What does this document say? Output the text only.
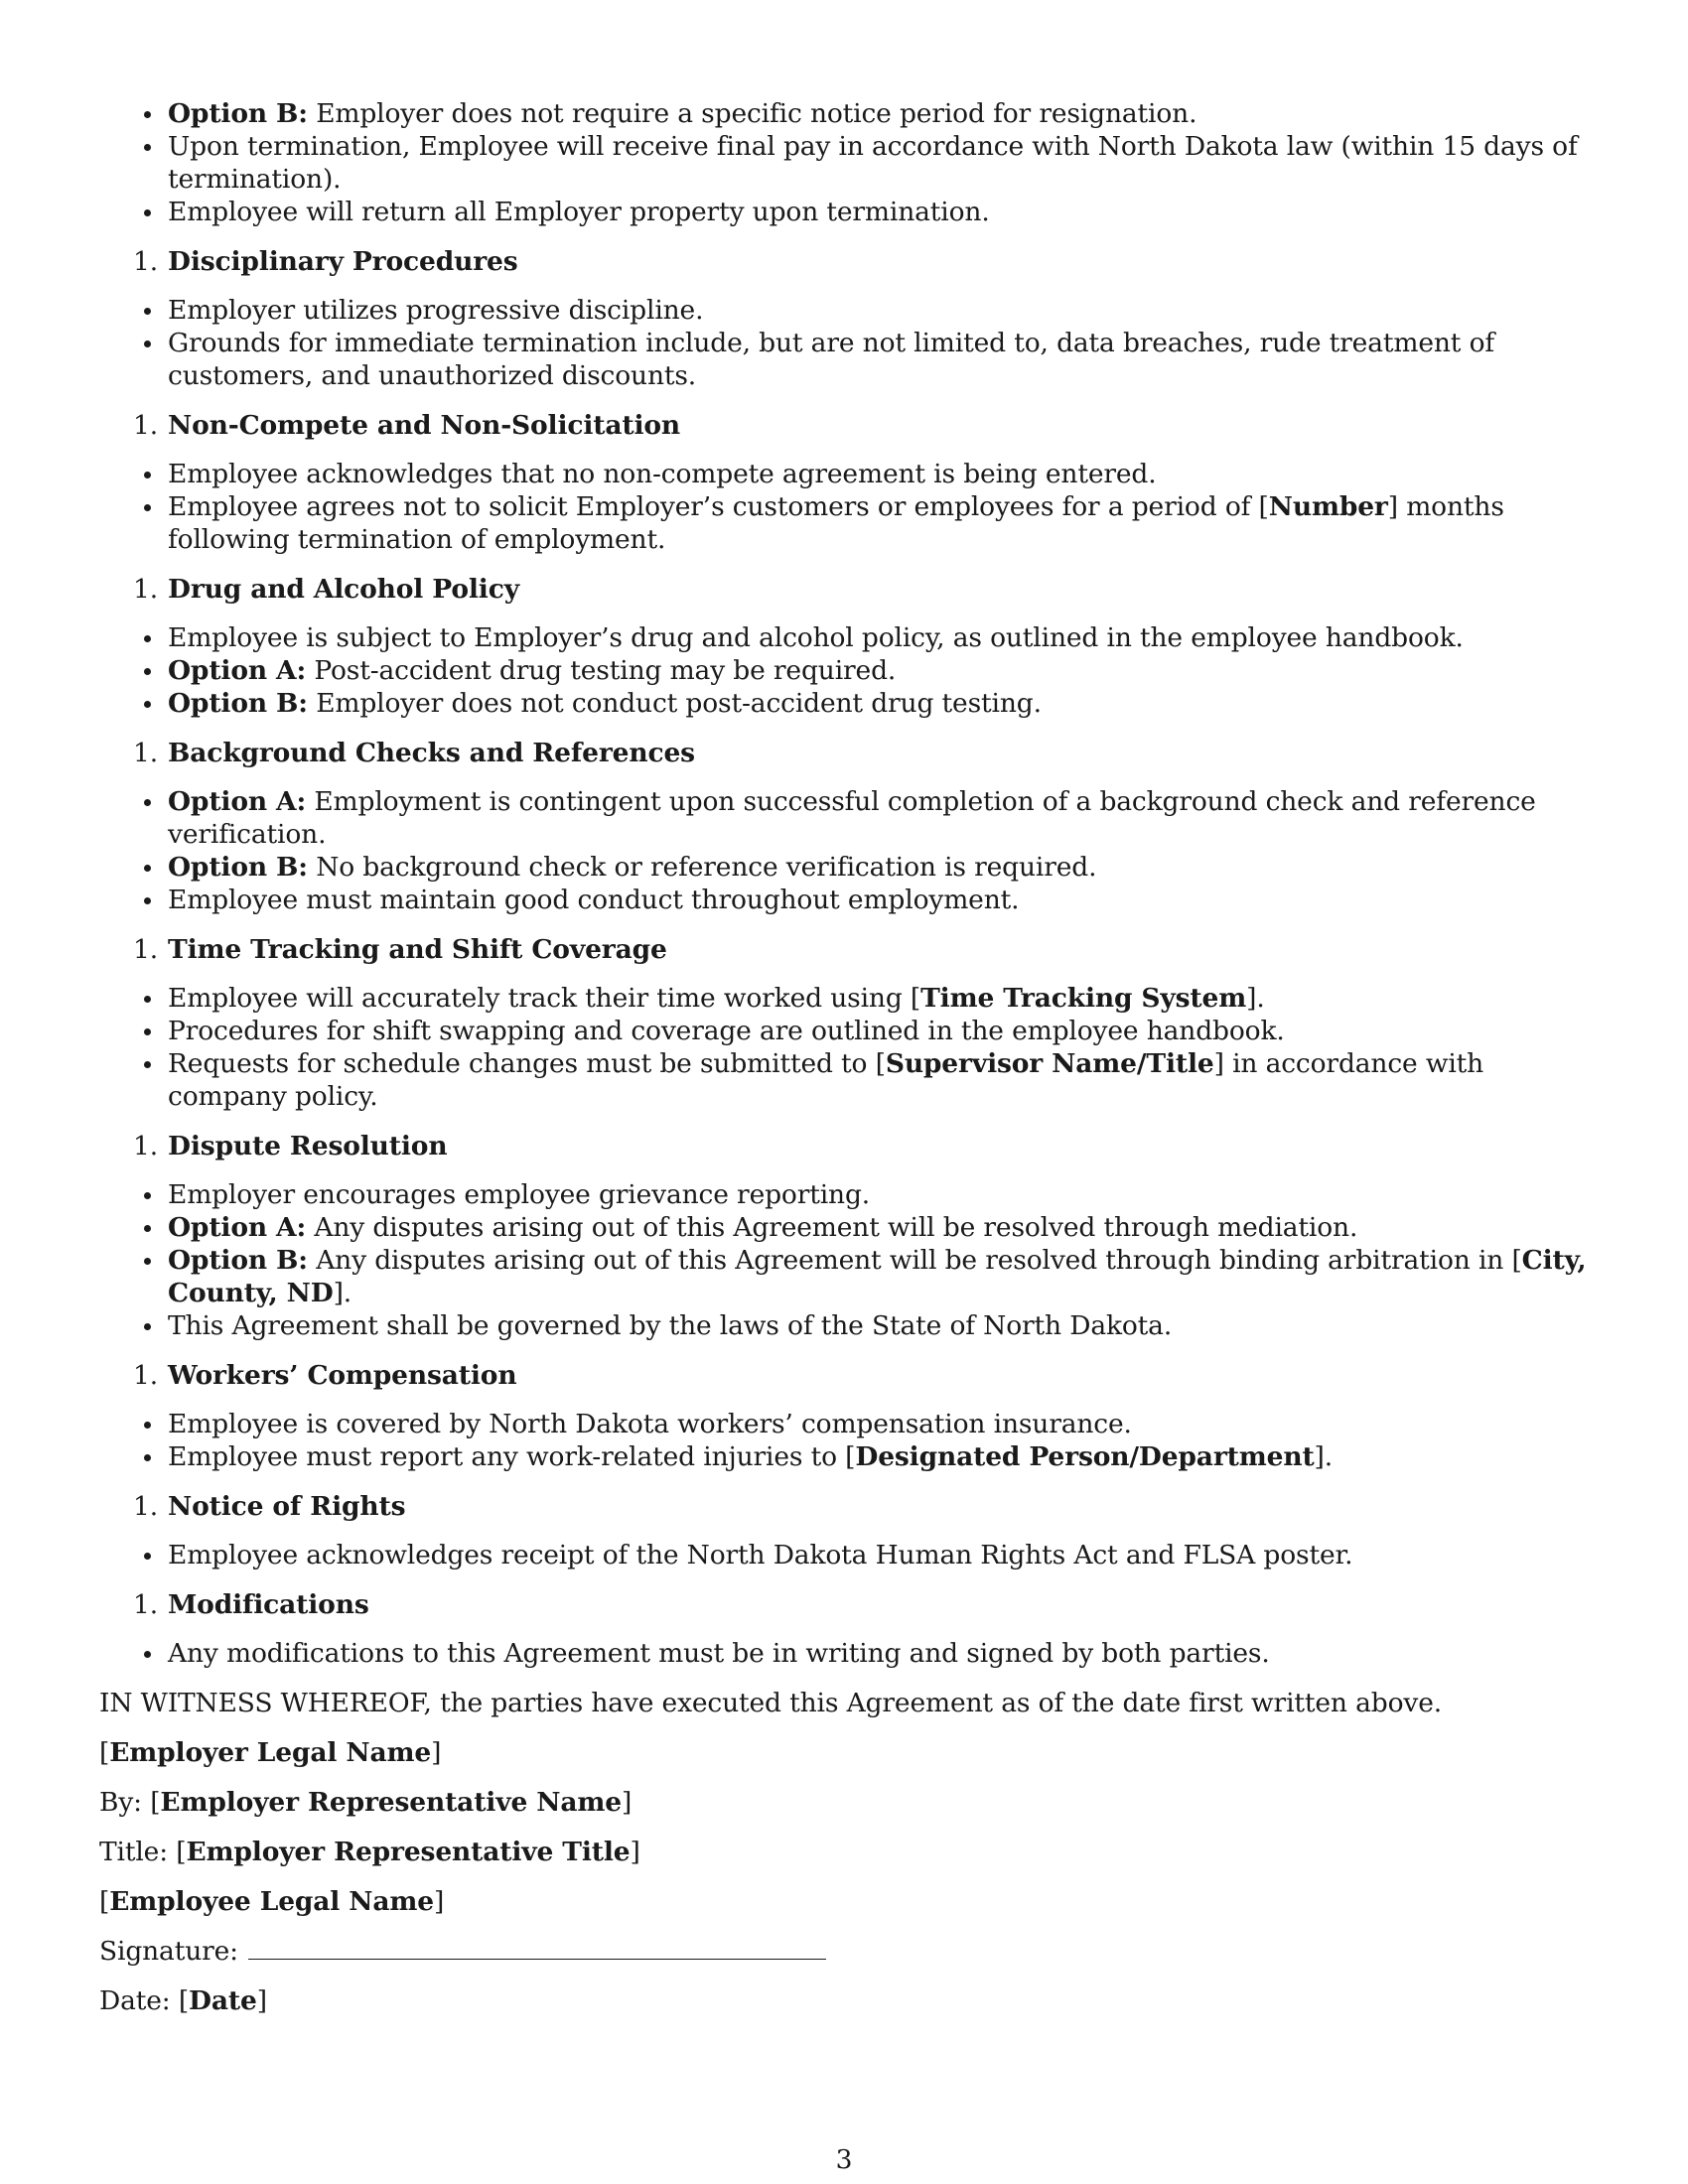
Option B: Employer does not require a specific notice period for resignation.
Upon termination, Employee will receive final pay in accordance with North Dakota law (within 15 days of termination).
Employee will return all Employer property upon termination.
1. Disciplinary Procedures
Employer utilizes progressive discipline.
Grounds for immediate termination include, but are not limited to, data breaches, rude treatment of customers, and unauthorized discounts.
1. Non-Compete and Non-Solicitation
Employee acknowledges that no non-compete agreement is being entered.
Employee agrees not to solicit Employer’s customers or employees for a period of [Number] months following termination of employment.
1. Drug and Alcohol Policy
Employee is subject to Employer’s drug and alcohol policy, as outlined in the employee handbook.
Option A: Post-accident drug testing may be required.
Option B: Employer does not conduct post-accident drug testing.
1. Background Checks and References
Option A: Employment is contingent upon successful completion of a background check and reference verification.
Option B: No background check or reference verification is required.
Employee must maintain good conduct throughout employment.
1. Time Tracking and Shift Coverage
Employee will accurately track their time worked using [Time Tracking System].
Procedures for shift swapping and coverage are outlined in the employee handbook.
Requests for schedule changes must be submitted to [Supervisor Name/Title] in accordance with company policy.
1. Dispute Resolution
Employer encourages employee grievance reporting.
Option A: Any disputes arising out of this Agreement will be resolved through mediation.
Option B: Any disputes arising out of this Agreement will be resolved through binding arbitration in [City, County, ND].
This Agreement shall be governed by the laws of the State of North Dakota.
1. Workers’ Compensation
Employee is covered by North Dakota workers’ compensation insurance.
Employee must report any work-related injuries to [Designated Person/Department].
1. Notice of Rights
Employee acknowledges receipt of the North Dakota Human Rights Act and FLSA poster.
1. Modifications
Any modifications to this Agreement must be in writing and signed by both parties.
IN WITNESS WHEREOF, the parties have executed this Agreement as of the date first written above.
[Employer Legal Name]
By: [Employer Representative Name]
Title: [Employer Representative Title]
[Employee Legal Name]
Signature:
Date: [Date]
3
